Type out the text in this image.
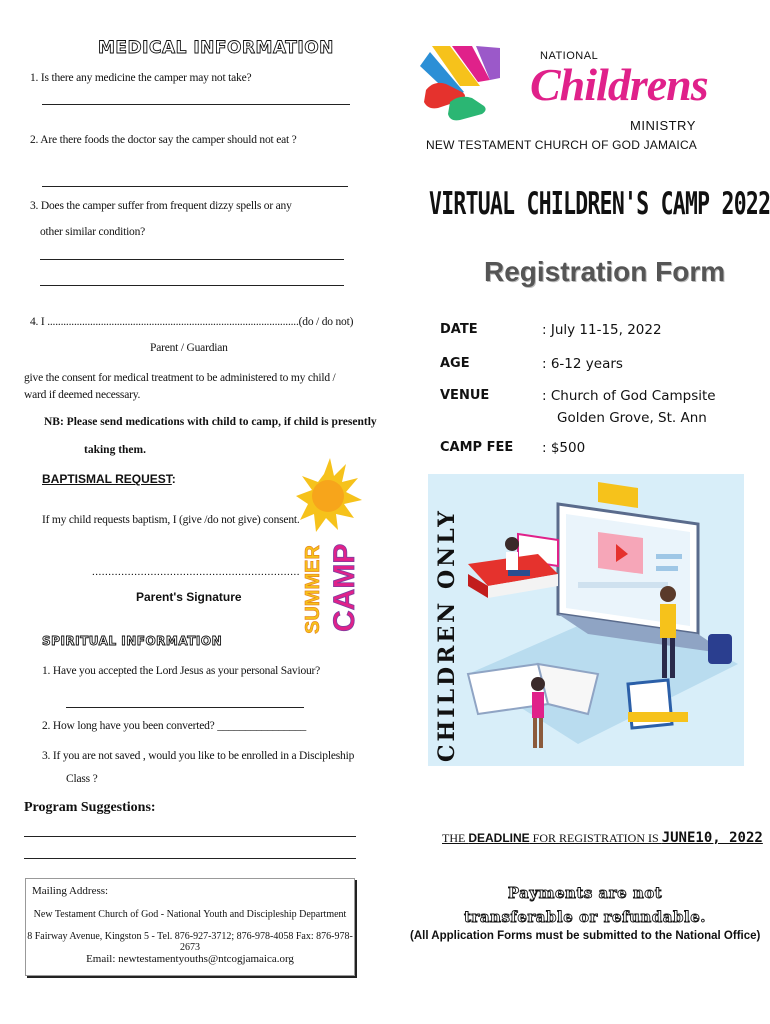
MEDICAL INFORMATION
1. Is there any medicine the camper may not take?
2. Are there foods the doctor say the camper should not eat ?
3. Does the camper suffer from frequent dizzy spells or any
other similar condition?
4. I ..............................................................................................(do / do not)
Parent / Guardian
give the consent for medical treatment to be administered to my child / ward if deemed necessary.
NB: Please send medications with child to camp, if child is presently
taking them.
BAPTISMAL REQUEST:
If my child requests baptism, I (give /do not give) consent.
................................................................
Parent's Signature	SUMMER CAMP
SPIRITUAL INFORMATION
1. Have you accepted the Lord Jesus as your personal Saviour?
2. How long have you been converted? ________________
3. If you are not saved , would you like to be enrolled in a Discipleship
Class ?
Program Suggestions:
Mailing Address:
New Testament Church of God - National Youth and Discipleship Department
8 Fairway Avenue, Kingston 5 - Tel. 876-927-3712; 876-978-4058 Fax: 876-978-2673
Email: newtestamentyouths@ntcogjamaica.org
NATIONAL
Childrens
MINISTRY
NEW TESTAMENT CHURCH OF GOD JAMAICA
VIRTUAL CHILDREN'S CAMP 2022
Registration Form
DATE	: July 11-15, 2022
AGE	: 6-12 years
VENUE	: Church of God Campsite
Golden Grove, St. Ann
CAMP FEE : $500
CHILDREN ONLY
THE DEADLINE FOR REGISTRATION IS JUNE10, 2022
Payments are not
transferable or refundable.
(All Application Forms must be submitted to the National Office)
